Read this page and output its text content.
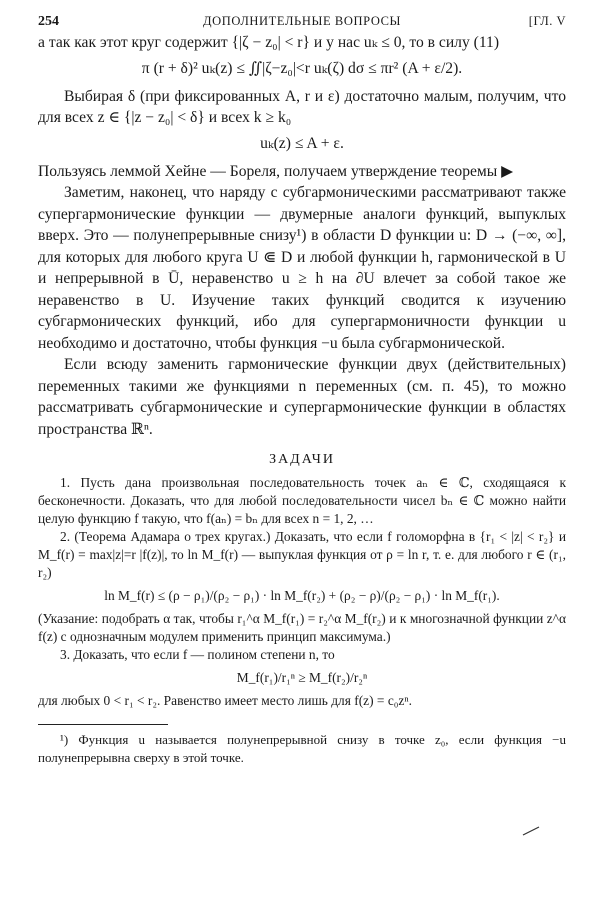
254	ДОПОЛНИТЕЛЬНЫЕ ВОПРОСЫ	[ГЛ. V

а так как этот круг содержит {|ζ − z₀| < r} и у нас uₖ ≤ 0, то в силу (11)

π (r + δ)² uₖ(z) ≤ ∬|ζ−z₀|<r uₖ(ζ) dσ ≤ πr² (A + ε/2).

Выбирая δ (при фиксированных A, r и ε) достаточно малым, получим, что для всех z ∈ {|z − z₀| < δ} и всех k ≥ k₀

uₖ(z) ≤ A + ε.

Пользуясь леммой Хейне — Бореля, получаем утверждение теоремы ▶

Заметим, наконец, что наряду с субгармоническими рассматривают также супергармонические функции — двумерные аналоги функций, выпуклых вверх. Это — полунепрерывные снизу¹) в области D функции u: D → (−∞, ∞], для которых для любого круга U ⋐ D и любой функции h, гармонической в U и непрерывной в Ū, неравенство u ≥ h на ∂U влечет за собой такое же неравенство в U. Изучение таких функций сводится к изучению субгармонических функций, ибо для супергармоничности функции u необходимо и достаточно, чтобы функция −u была субгармонической.

Если всюду заменить гармонические функции двух (действительных) переменных такими же функциями n переменных (см. п. 45), то можно рассматривать субгармонические и супергармонические функции в областях пространства ℝⁿ.

ЗАДАЧИ

1. Пусть дана произвольная последовательность точек aₙ ∈ ℂ, сходящаяся к бесконечности. Доказать, что для любой последовательности чисел bₙ ∈ ℂ можно найти целую функцию f такую, что f(aₙ) = bₙ для всех n = 1, 2, …

2. (Теорема Адамара о трех кругах.) Доказать, что если f голоморфна в {r₁ < |z| < r₂} и M_f(r) = max|z|=r |f(z)|, то ln M_f(r) — выпуклая функция от ρ = ln r, т. е. для любого r ∈ (r₁, r₂)

ln M_f(r) ≤ (ρ − ρ₁)/(ρ₂ − ρ₁) · ln M_f(r₂) + (ρ₂ − ρ)/(ρ₂ − ρ₁) · ln M_f(r₁).

(Указание: подобрать α так, чтобы r₁^α M_f(r₁) = r₂^α M_f(r₂) и к многозначной функции z^α f(z) с однозначным модулем применить принцип максимума.)

3. Доказать, что если f — полином степени n, то

M_f(r₁)/r₁ⁿ ≥ M_f(r₂)/r₂ⁿ

для любых 0 < r₁ < r₂. Равенство имеет место лишь для f(z) = c₀zⁿ.

¹) Функция u называется полунепрерывной снизу в точке z₀, если функция −u полунепрерывна сверху в этой точке.
